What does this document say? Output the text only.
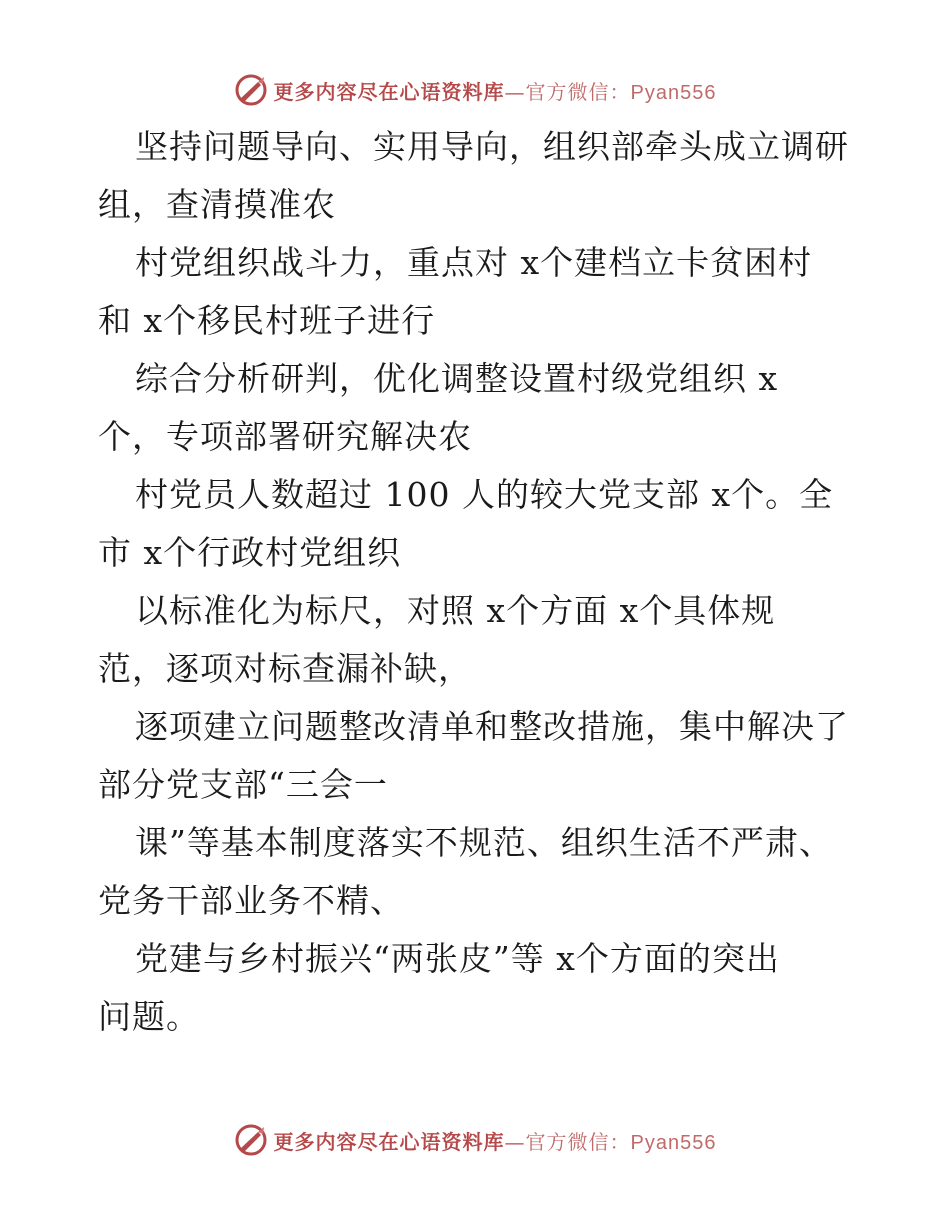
更多内容尽在心语资料库—官方微信：Pyan556

坚持问题导向、实用导向，组织部牵头成立调研
组，查清摸准农

村党组织战斗力，重点对 x个建档立卡贫困村
和 x个移民村班子进行

综合分析研判，优化调整设置村级党组织 x
个，专项部署研究解决农

村党员人数超过 100 人的较大党支部 x个。全
市 x个行政村党组织

以标准化为标尺，对照 x个方面 x个具体规
范，逐项对标查漏补缺，

逐项建立问题整改清单和整改措施，集中解决了
部分党支部“三会一

课”等基本制度落实不规范、组织生活不严肃、
党务干部业务不精、

党建与乡村振兴“两张皮”等 x个方面的突出
问题。

更多内容尽在心语资料库—官方微信：Pyan556
